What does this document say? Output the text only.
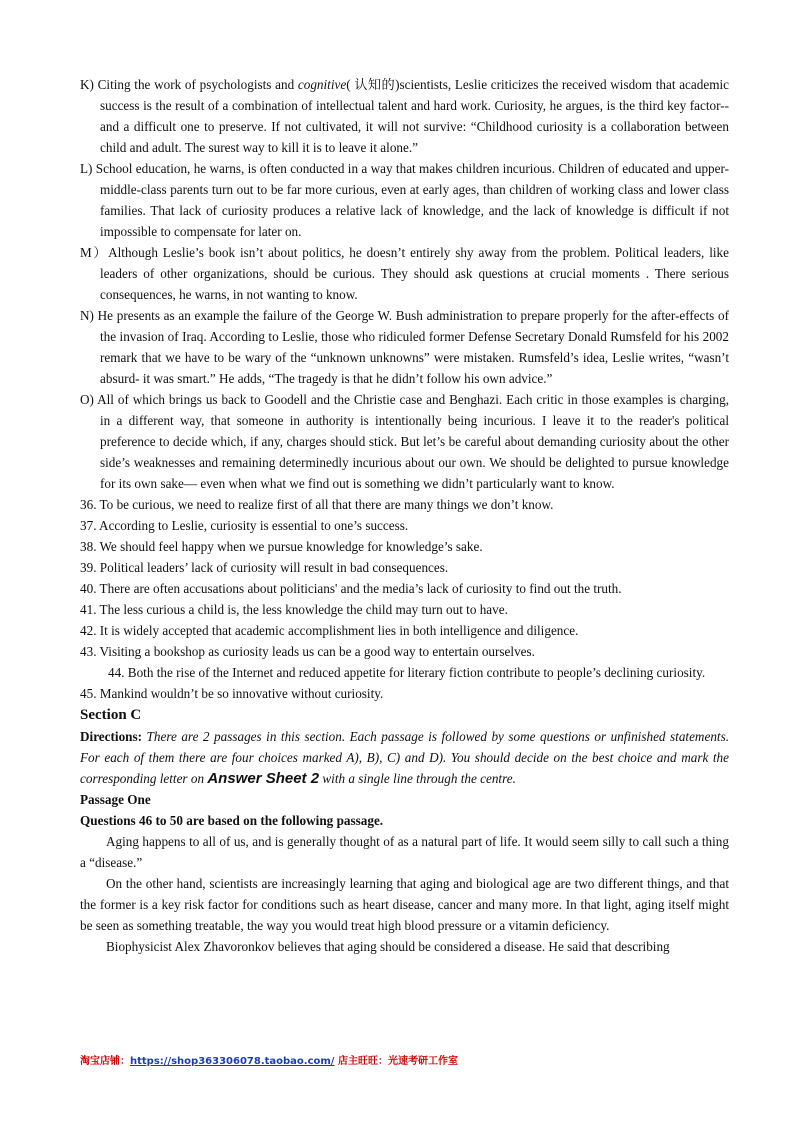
K) Citing the work of psychologists and cognitive( 认知的)scientists, Leslie criticizes the received wisdom that academic success is the result of a combination of intellectual talent and hard work. Curiosity, he argues, is the third key factor--and a difficult one to preserve. If not cultivated, it will not survive: “Childhood curiosity is a collaboration between child and adult. The surest way to kill it is to leave it alone.”
L) School education, he warns, is often conducted in a way that makes children incurious. Children of educated and upper-middle-class parents turn out to be far more curious, even at early ages, than children of working class and lower class families. That lack of curiosity produces a relative lack of knowledge, and the lack of knowledge is difficult if not impossible to compensate for later on.
M）Although Leslie’s book isn’t about politics, he doesn’t entirely shy away from the problem. Political leaders, like leaders of other organizations, should be curious. They should ask questions at crucial moments . There serious consequences, he warns, in not wanting to know.
N) He presents as an example the failure of the George W. Bush administration to prepare properly for the after-effects of the invasion of Iraq. According to Leslie, those who ridiculed former Defense Secretary Donald Rumsfeld for his 2002 remark that we have to be wary of the “unknown unknowns” were mistaken. Rumsfeld’s idea, Leslie writes, “wasn’t absurd- it was smart.” He adds, “The tragedy is that he didn’t follow his own advice.”
O) All of which brings us back to Goodell and the Christie case and Benghazi. Each critic in those examples is charging, in a different way, that someone in authority is intentionally being incurious. I leave it to the reader's political preference to decide which, if any, charges should stick. But let’s be careful about demanding curiosity about the other side’s weaknesses and remaining determinedly incurious about our own. We should be delighted to pursue knowledge for its own sake— even when what we find out is something we didn’t particularly want to know.
36. To be curious, we need to realize first of all that there are many things we don’t know.
37. According to Leslie, curiosity is essential to one’s success.
38. We should feel happy when we pursue knowledge for knowledge’s sake.
39. Political leaders’ lack of curiosity will result in bad consequences.
40. There are often accusations about politicians' and the media’s lack of curiosity to find out the truth.
41. The less curious a child is, the less knowledge the child may turn out to have.
42. It is widely accepted that academic accomplishment lies in both intelligence and diligence.
43. Visiting a bookshop as curiosity leads us can be a good way to entertain ourselves.
44. Both the rise of the Internet and reduced appetite for literary fiction contribute to people’s declining curiosity.
45. Mankind wouldn’t be so innovative without curiosity.
Section C
Directions: There are 2 passages in this section. Each passage is followed by some questions or unfinished statements. For each of them there are four choices marked A), B), C) and D). You should decide on the best choice and mark the corresponding letter on Answer Sheet 2 with a single line through the centre.
Passage One
Questions 46 to 50 are based on the following passage.
Aging happens to all of us, and is generally thought of as a natural part of life. It would seem silly to call such a thing a “disease.”
On the other hand, scientists are increasingly learning that aging and biological age are two different things, and that the former is a key risk factor for conditions such as heart disease, cancer and many more. In that light, aging itself might be seen as something treatable, the way you would treat high blood pressure or a vitamin deficiency.
Biophysicist Alex Zhavoronkov believes that aging should be considered a disease. He said that describing
淘宝店铺：https://shop363306078.taobao.com/ 店主旺旺：光速考研工作室
